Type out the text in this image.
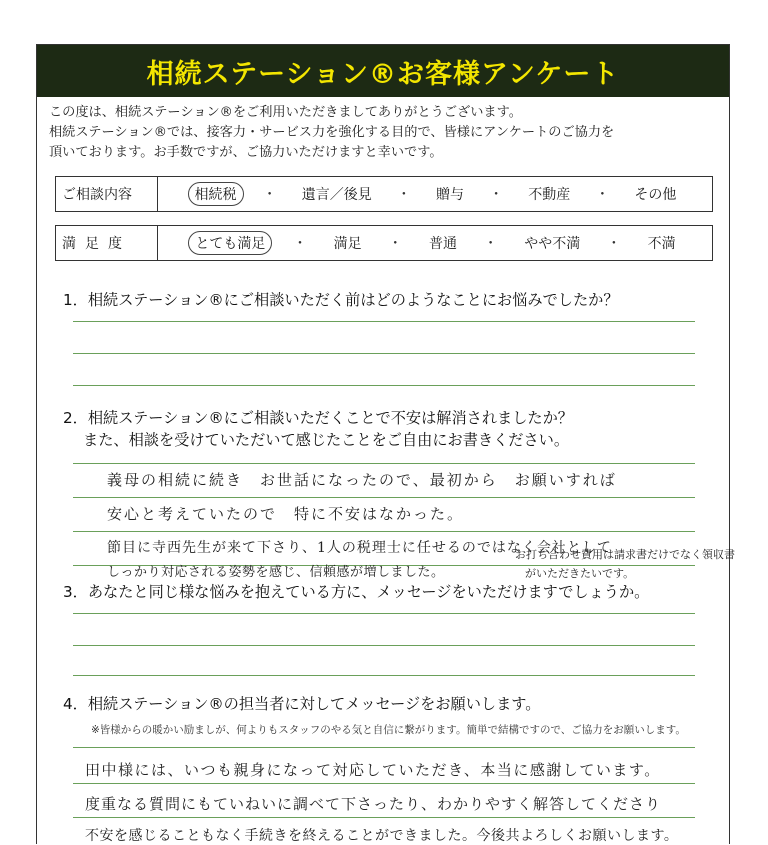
相続ステーション®お客様アンケート

この度は、相続ステーション®をご利用いただきましてありがとうございます。

相続ステーション®では、接客力・サービス力を強化する目的で、皆様にアンケートのご協力を

頂いております。お手数ですが、ご協力いただけますと幸いです。

ご相談内容	相続税	・	遺言／後見	・	贈与	・	不動産	・	その他
満足度	とても満足	・	満足	・	普通	・	やや不満	・	不満

1．相続ステーション®にご相談いただく前はどのようなことにお悩みでしたか？

2．相続ステーション®にご相談いただくことで不安は解消されましたか？

　 また、相談を受けていただいて感じたことをご自由にお書きください。

義母の相続に続き　お世話になったので、最初から　お願いすれば
安心と考えていたので　特に不安はなかった。
節目に寺西先生が来て下さり、1人の税理士に任せるのではなく会社として
しっかり対応される姿勢を感じ、信頼感が増しました。
お打ち合わせ費用は請求書だけでなく領収書
がいただきたいです。

3．あなたと同じ様な悩みを抱えている方に、メッセージをいただけますでしょうか。

4．相続ステーション®の担当者に対してメッセージをお願いします。

※皆様からの暖かい励ましが、何よりもスタッフのやる気と自信に繋がります。簡単で結構ですので、ご協力をお願いします。
田中様には、いつも親身になって対応していただき、本当に感謝しています。
度重なる質問にもていねいに調べて下さったり、わかりやすく解答してくださり
不安を感じることもなく手続きを終えることができました。今後共よろしくお願いします。
